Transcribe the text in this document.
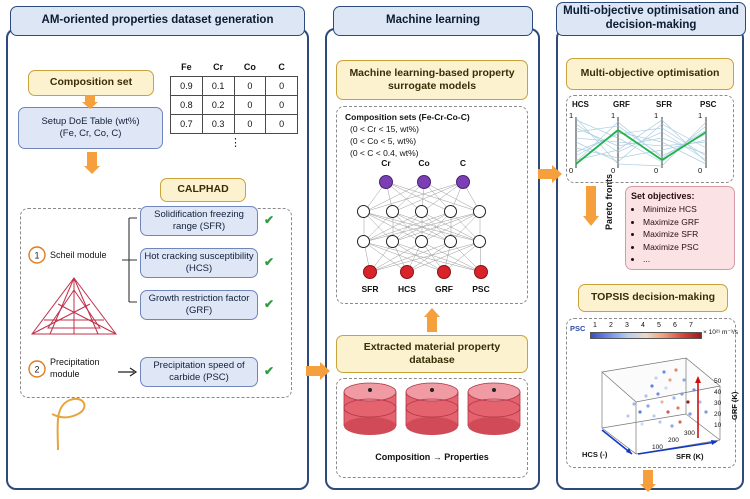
AM-oriented properties dataset generation
Composition set
Setup DoE Table (wt%)
(Fe, Cr, Co, C)
Fe	Cr	Co	C
0.9	0.1	0	0
0.8	0.2	0	0
0.7	0.3	0	0
⋮
CALPHAD
1 Scheil module
Solidification freezing range (SFR)	✔
Hot cracking susceptibility (HCS)	✔
Growth restriction factor (GRF)	✔
2
Precipitation
module
Precipitation speed of carbide (PSC)	✔
Machine learning
Machine learning-based property surrogate models
Composition sets (Fe-Cr-Co-C)
(0 < Cr < 15, wt%)
(0 < Co < 5, wt%)
(0 < C < 0.4, wt%)
Cr	Co	C
SFR	HCS	GRF	PSC
Extracted material property database
Composition → Properties
Multi-objective optimisation and decision-making
Multi-objective optimisation
HCS	GRF	SFR	PSC
1	1	1	1
0	0	0	0
Pareto fronts Set objectives:
• Minimize HCS
• Maximize GRF
• Maximize SFR
• Maximize PSC
• ...
TOPSIS decision-making
PSC 1 2 3 4 5 6 7
× 10²¹ m⁻³/s
HCS (-)	SFR (K)
GRF (K)
50
40
30
20
10
100
200
300
